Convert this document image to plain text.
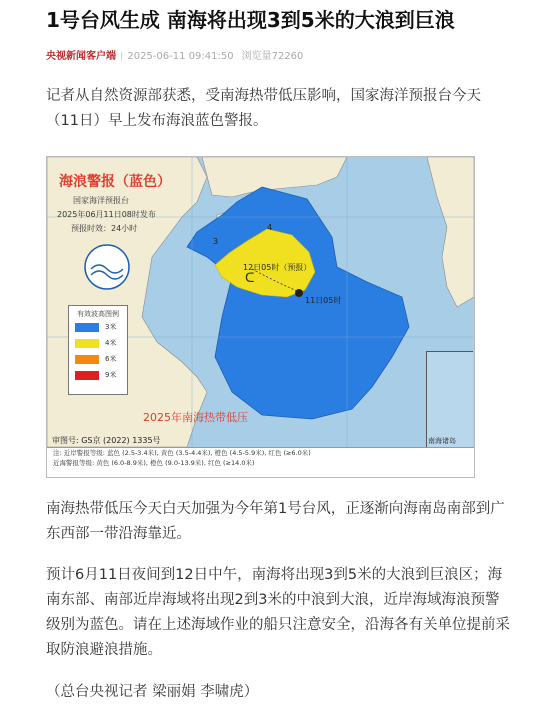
1号台风生成 南海将出现3到5米的大浪到巨浪
央视新闻客户端 | 2025-06-11 09:41:50 浏览量72260
记者从自然资源部获悉，受南海热带低压影响，国家海洋预报台今天（11日）早上发布海浪蓝色警报。
ᑕ
海浪警报（蓝色）
国家海洋预报台
2025年06月11日08时发布
预报时效：24小时
3
4
12日05时（预报）
11日05时
有效波高图例
3米
4米
6米
9米
2025年南海热带低压
审图号: GS京 (2022) 1335号	南海诸岛
注: 近岸警报等级: 蓝色 (2.5-3.4米), 黄色 (3.5-4.4米), 橙色 (4.5-5.9米), 红色 (≥6.0米)
近海警报等级: 黄色 (6.0-8.9米), 橙色 (9.0-13.9米), 红色 (≥14.0米)
南海热带低压今天白天加强为今年第1号台风，正逐渐向海南岛南部到广东西部一带沿海靠近。
预计6月11日夜间到12日中午，南海将出现3到5米的大浪到巨浪区；海南东部、南部近岸海域将出现2到3米的中浪到大浪，近岸海域海浪预警级别为蓝色。请在上述海域作业的船只注意安全，沿海各有关单位提前采取防浪避浪措施。
（总台央视记者 梁丽娟 李啸虎）
